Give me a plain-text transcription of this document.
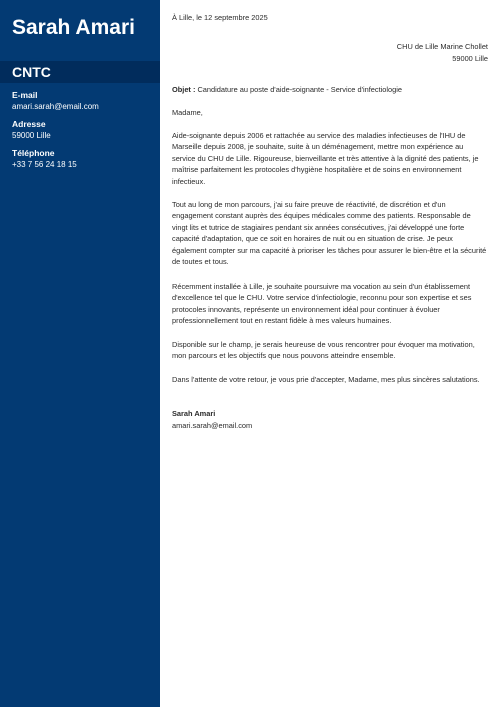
Sarah Amari
CNTC
E-mail
amari.sarah@email.com
Adresse
59000 Lille
Téléphone
+33 7 56 24 18 15

À Lille, le 12 septembre 2025

CHU de Lille Marine Chollet

59000 Lille

Objet : Candidature au poste d'aide-soignante - Service d'infectiologie

Madame,

Aide-soignante depuis 2006 et rattachée au service des maladies infectieuses de l'IHU de Marseille depuis 2008, je souhaite, suite à un déménagement, mettre mon expérience au service du CHU de Lille. Rigoureuse, bienveillante et très attentive à la dignité des patients, je maîtrise parfaitement les protocoles d'hygiène hospitalière et de soins en environnement infectieux.

Tout au long de mon parcours, j'ai su faire preuve de réactivité, de discrétion et d'un engagement constant auprès des équipes médicales comme des patients. Responsable de vingt lits et tutrice de stagiaires pendant six années consécutives, j'ai développé une forte capacité d'adaptation, que ce soit en horaires de nuit ou en situation de crise. Je peux également compter sur ma capacité à prioriser les tâches pour assurer le bien-être et la sécurité de toutes et tous.

Récemment installée à Lille, je souhaite poursuivre ma vocation au sein d'un établissement d'excellence tel que le CHU. Votre service d'infectiologie, reconnu pour son expertise et ses protocoles innovants, représente un environnement idéal pour continuer à évoluer professionnellement tout en restant fidèle à mes valeurs humaines.

Disponible sur le champ, je serais heureuse de vous rencontrer pour évoquer ma motivation, mon parcours et les objectifs que nous pouvons atteindre ensemble.

Dans l'attente de votre retour, je vous prie d'accepter, Madame, mes plus sincères salutations.

Sarah Amari

amari.sarah@email.com
